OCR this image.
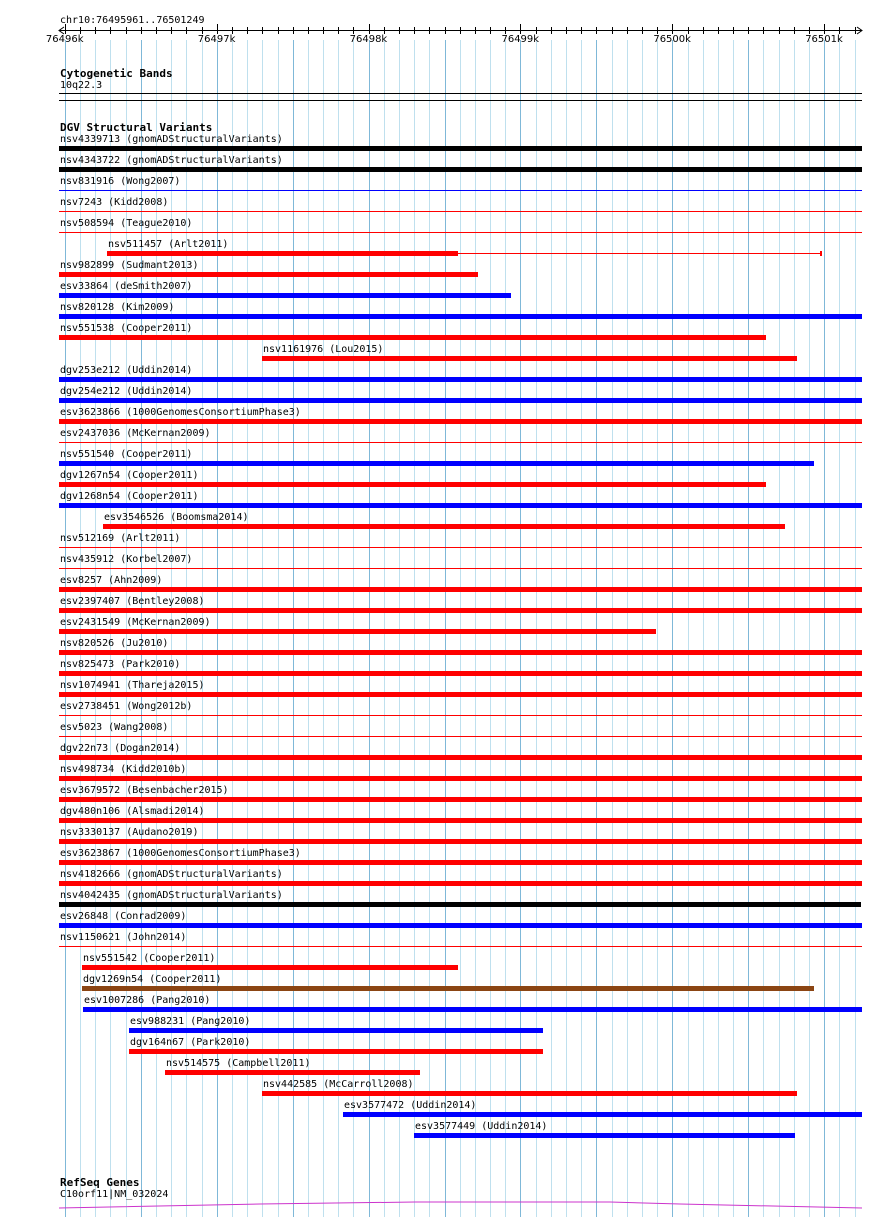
chr10:76495961..76501249
76496k	76497k	76498k	76499k	76500k	76501k
Cytogenetic Bands
10q22.3
DGV Structural Variants
nsv4339713 (gnomADStructuralVariants)
nsv4343722 (gnomADStructuralVariants)
nsv831916 (Wong2007)
nsv7243 (Kidd2008)
nsv508594 (Teague2010)
nsv511457 (Arlt2011)
nsv982899 (Sudmant2013)
esv33864 (deSmith2007)
nsv820128 (Kim2009)
nsv551538 (Cooper2011)
nsv1161976 (Lou2015)
dgv253e212 (Uddin2014)
dgv254e212 (Uddin2014)
esv3623866 (1000GenomesConsortiumPhase3)
esv2437036 (McKernan2009)
nsv551540 (Cooper2011)
dgv1267n54 (Cooper2011)
dgv1268n54 (Cooper2011)
esv3546526 (Boomsma2014)
nsv512169 (Arlt2011)
nsv435912 (Korbel2007)
esv8257 (Ahn2009)
esv2397407 (Bentley2008)
esv2431549 (McKernan2009)
nsv820526 (Ju2010)
nsv825473 (Park2010)
nsv1074941 (Thareja2015)
esv2738451 (Wong2012b)
esv5023 (Wang2008)
dgv22n73 (Dogan2014)
nsv498734 (Kidd2010b)
esv3679572 (Besenbacher2015)
dgv480n106 (Alsmadi2014)
nsv3330137 (Audano2019)
esv3623867 (1000GenomesConsortiumPhase3)
nsv4182666 (gnomADStructuralVariants)
nsv4042435 (gnomADStructuralVariants)
esv26848 (Conrad2009)
nsv1150621 (John2014)
nsv551542 (Cooper2011)
dgv1269n54 (Cooper2011)
esv1007286 (Pang2010)
esv988231 (Pang2010)
dgv164n67 (Park2010)
nsv514575 (Campbell2011)
nsv442585 (McCarroll2008)
esv3577472 (Uddin2014)
esv3577449 (Uddin2014)
RefSeq Genes
C10orf11|NM_032024
